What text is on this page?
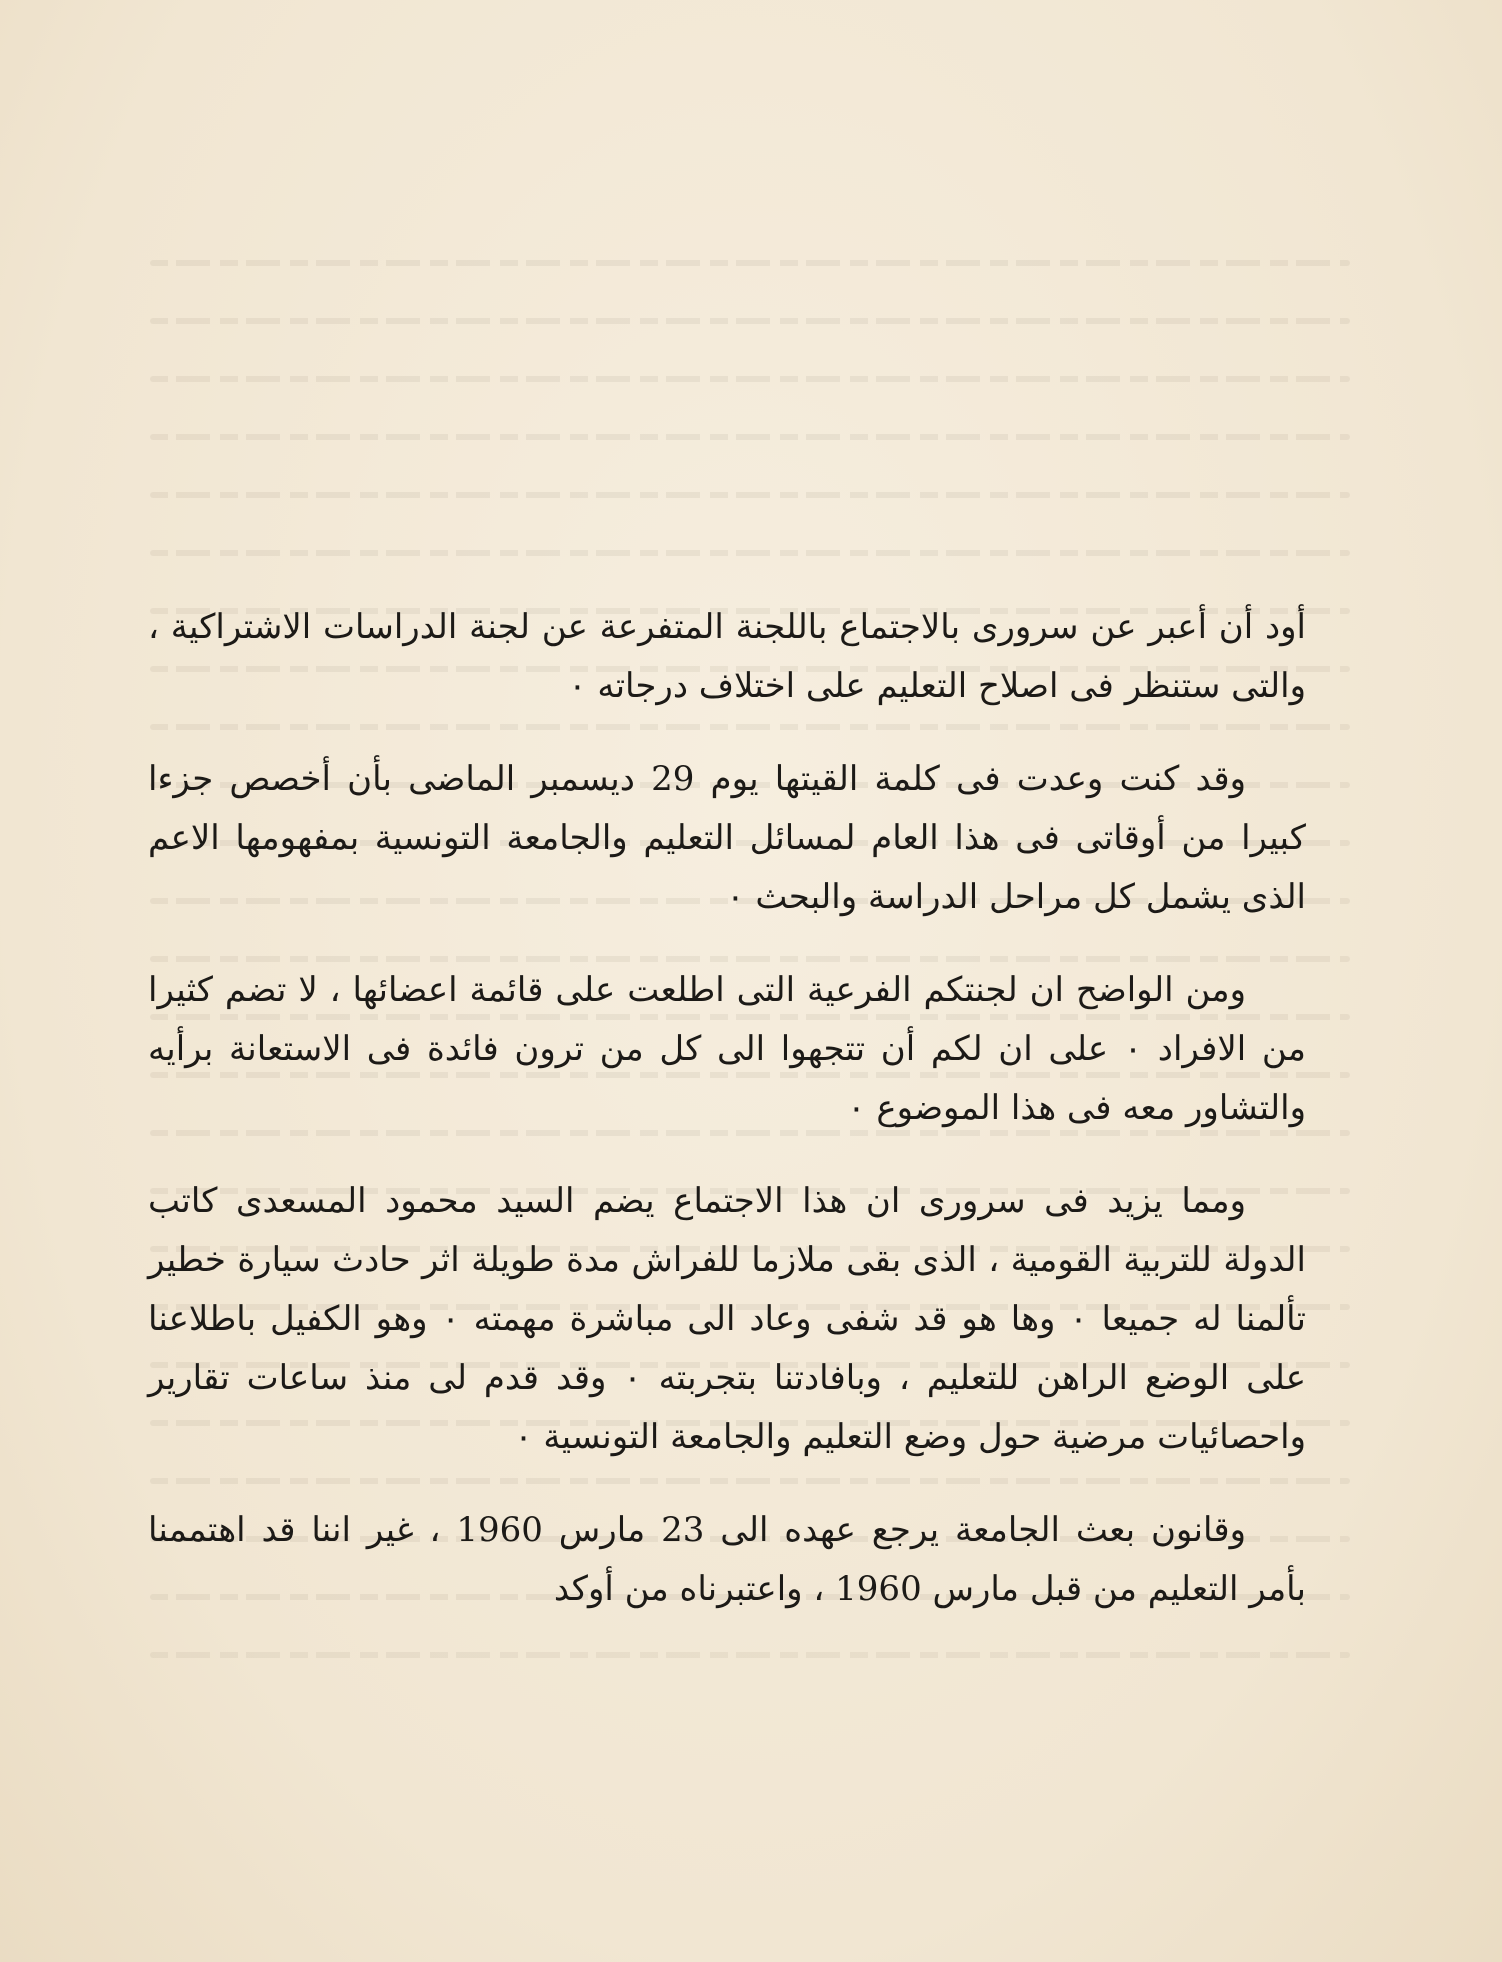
أود أن أعبر عن سرورى بالاجتماع باللجنة المتفرعة عن لجنة الدراسات الاشتراكية ، والتى ستنظر فى اصلاح التعليم على اختلاف درجاته ٠

وقد كنت وعدت فى كلمة القيتها يوم 29 ديسمبر الماضى بأن أخصص جزءا كبيرا من أوقاتى فى هذا العام لمسائل التعليم والجامعة التونسية بمفهومها الاعم الذى يشمل كل مراحل الدراسة والبحث ٠

ومن الواضح ان لجنتكم الفرعية التى اطلعت على قائمة اعضائها ، لا تضم كثيرا من الافراد ٠ على ان لكم أن تتجهوا الى كل من ترون فائدة فى الاستعانة برأيه والتشاور معه فى هذا الموضوع ٠

ومما يزيد فى سرورى ان هذا الاجتماع يضم السيد محمود المسعدى كاتب الدولة للتربية القومية ، الذى بقى ملازما للفراش مدة طويلة اثر حادث سيارة خطير تألمنا له جميعا ٠ وها هو قد شفى وعاد الى مباشرة مهمته ٠ وهو الكفيل باطلاعنا على الوضع الراهن للتعليم ، وبافادتنا بتجربته ٠ وقد قدم لى منذ ساعات تقارير واحصائيات مرضية حول وضع التعليم والجامعة التونسية ٠

وقانون بعث الجامعة يرجع عهده الى 23 مارس 1960 ، غير اننا قد اهتممنا بأمر التعليم من قبل مارس 1960 ، واعتبرناه من أوكد
